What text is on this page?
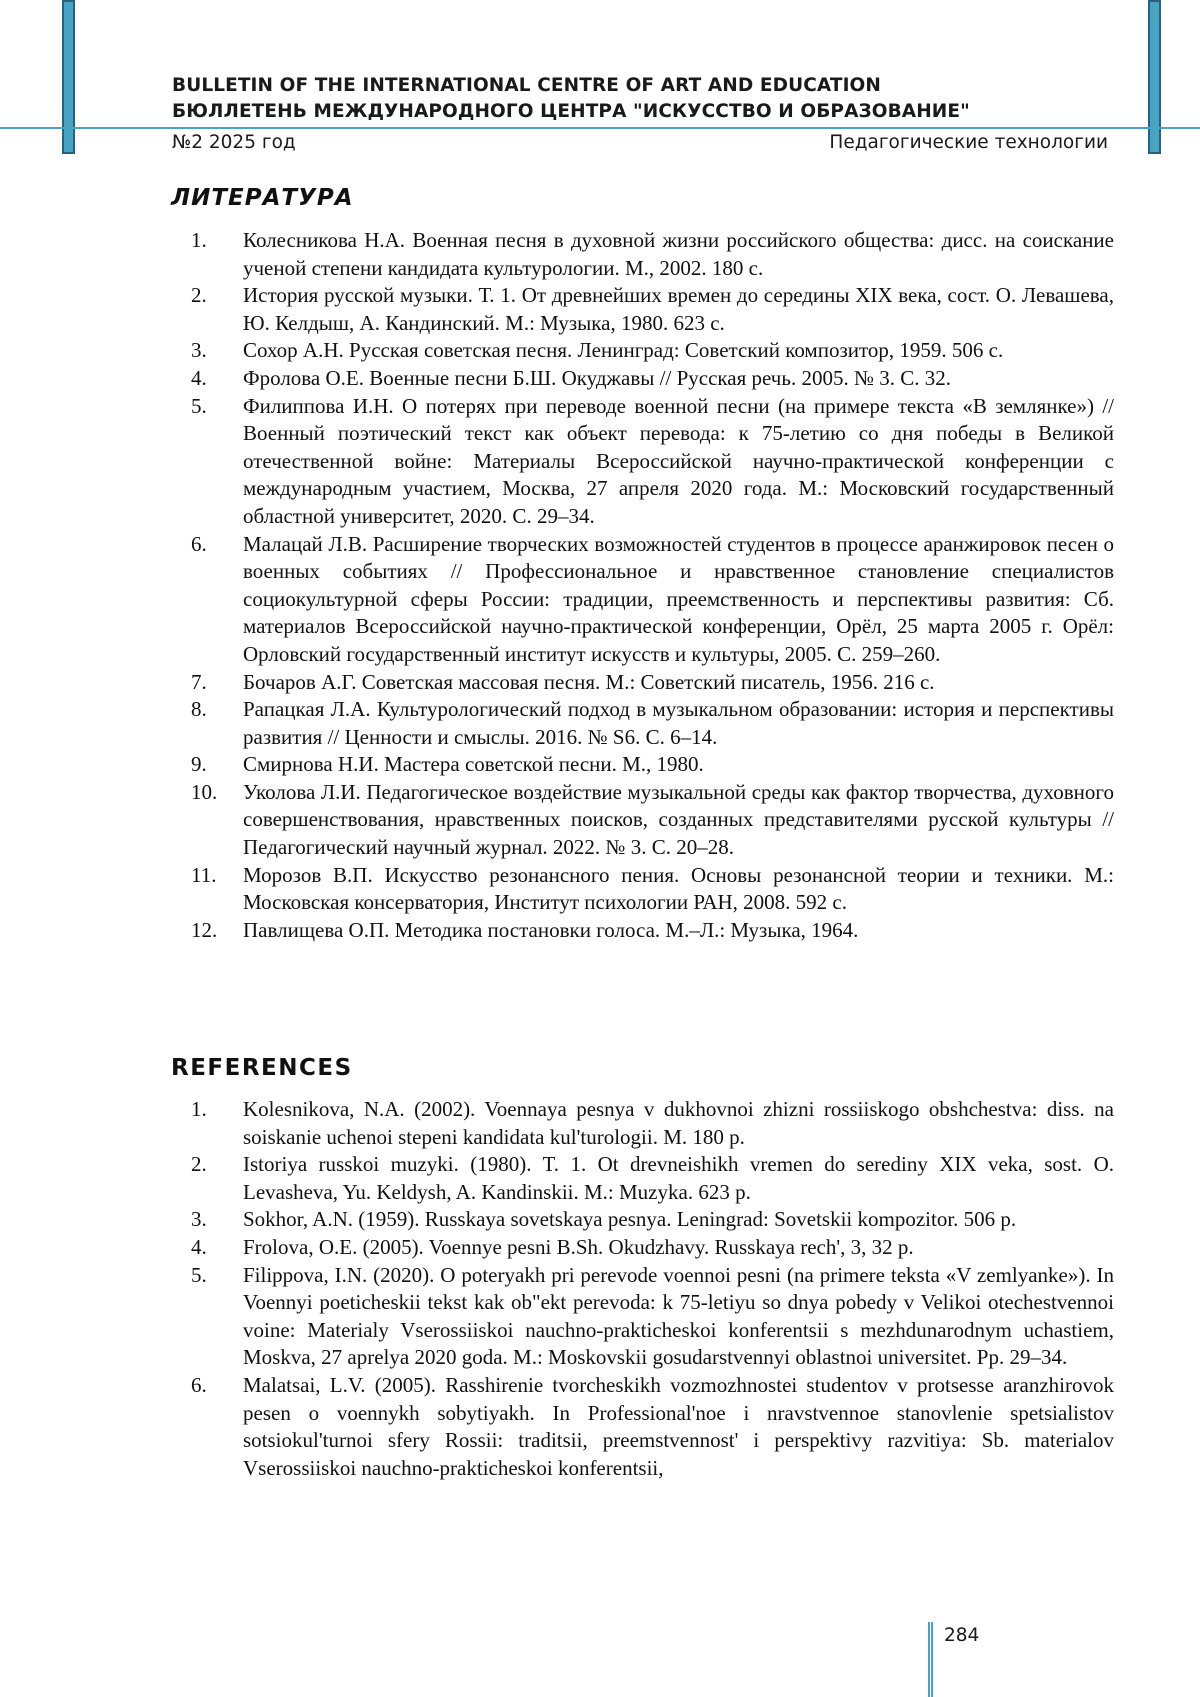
BULLETIN OF THE INTERNATIONAL CENTRE OF ART AND EDUCATION
БЮЛЛЕТЕНЬ МЕЖДУНАРОДНОГО ЦЕНТРА "ИСКУССТВО И ОБРАЗОВАНИЕ"
№2 2025 год	Педагогические технологии
ЛИТЕРАТУРА
1.	Колесникова Н.А. Военная песня в духовной жизни российского общества: дисс. на соискание ученой степени кандидата культурологии. М., 2002. 180 с.
2.	История русской музыки. Т. 1. От древнейших времен до середины XIX века, сост. О. Левашева, Ю. Келдыш, А. Кандинский. М.: Музыка, 1980. 623 с.
3.	Сохор А.Н. Русская советская песня. Ленинград: Советский композитор, 1959. 506 с.
4.	Фролова О.Е. Военные песни Б.Ш. Окуджавы // Русская речь. 2005. № 3. С. 32.
5.	Филиппова И.Н. О потерях при переводе военной песни (на примере текста «В землянке») // Военный поэтический текст как объект перевода: к 75-летию со дня победы в Великой отечественной войне: Материалы Всероссийской научно-практической конференции с международным участием, Москва, 27 апреля 2020 года. М.: Московский государственный областной университет, 2020. С. 29–34.
6.	Малацай Л.В. Расширение творческих возможностей студентов в процессе аранжировок песен о военных событиях // Профессиональное и нравственное становление специалистов социокультурной сферы России: традиции, преемственность и перспективы развития: Сб. материалов Всероссийской научно-практической конференции, Орёл, 25 марта 2005 г. Орёл: Орловский государственный институт искусств и культуры, 2005. С. 259–260.
7.	Бочаров А.Г. Советская массовая песня. М.: Советский писатель, 1956. 216 с.
8.	Рапацкая Л.А. Культурологический подход в музыкальном образовании: история и перспективы развития // Ценности и смыслы. 2016. № S6. С. 6–14.
9.	Смирнова Н.И. Мастера советской песни. М., 1980.
10.	Уколова Л.И. Педагогическое воздействие музыкальной среды как фактор творчества, духовного совершенствования, нравственных поисков, созданных представителями русской культуры // Педагогический научный журнал. 2022. № 3. С. 20–28.
11.	Морозов В.П. Искусство резонансного пения. Основы резонансной теории и техники. М.: Московская консерватория, Институт психологии РАН, 2008. 592 с.
12.	Павлищева О.П. Методика постановки голоса. М.–Л.: Музыка, 1964.
REFERENCES
1.	Kolesnikova, N.A. (2002). Voennaya pesnya v dukhovnoi zhizni rossiiskogo obshchestva: diss. na soiskanie uchenoi stepeni kandidata kul'turologii. M. 180 p.
2.	Istoriya russkoi muzyki. (1980). T. 1. Ot drevneishikh vremen do serediny XIX veka, sost. O. Levasheva, Yu. Keldysh, A. Kandinskii. M.: Muzyka. 623 p.
3.	Sokhor, A.N. (1959). Russkaya sovetskaya pesnya. Leningrad: Sovetskii kompozitor. 506 p.
4.	Frolova, O.E. (2005). Voennye pesni B.Sh. Okudzhavy. Russkaya rech', 3, 32 p.
5.	Filippova, I.N. (2020). O poteryakh pri perevode voennoi pesni (na primere teksta «V zemlyanke»). In Voennyi poeticheskii tekst kak ob"ekt perevoda: k 75-letiyu so dnya pobedy v Velikoi otechestvennoi voine: Materialy Vserossiiskoi nauchno-prakticheskoi konferentsii s mezhdunarodnym uchastiem, Moskva, 27 aprelya 2020 goda. M.: Moskovskii gosudarstvennyi oblastnoi universitet. Pp. 29–34.
6.	Malatsai, L.V. (2005). Rasshirenie tvorcheskikh vozmozhnostei studentov v protsesse aranzhirovok pesen o voennykh sobytiyakh. In Professional'noe i nravstvennoe stanovlenie spetsialistov sotsiokul'turnoi sfery Rossii: traditsii, preemstvennost' i perspektivy razvitiya: Sb. materialov Vserossiiskoi nauchno-prakticheskoi konferentsii,
284
